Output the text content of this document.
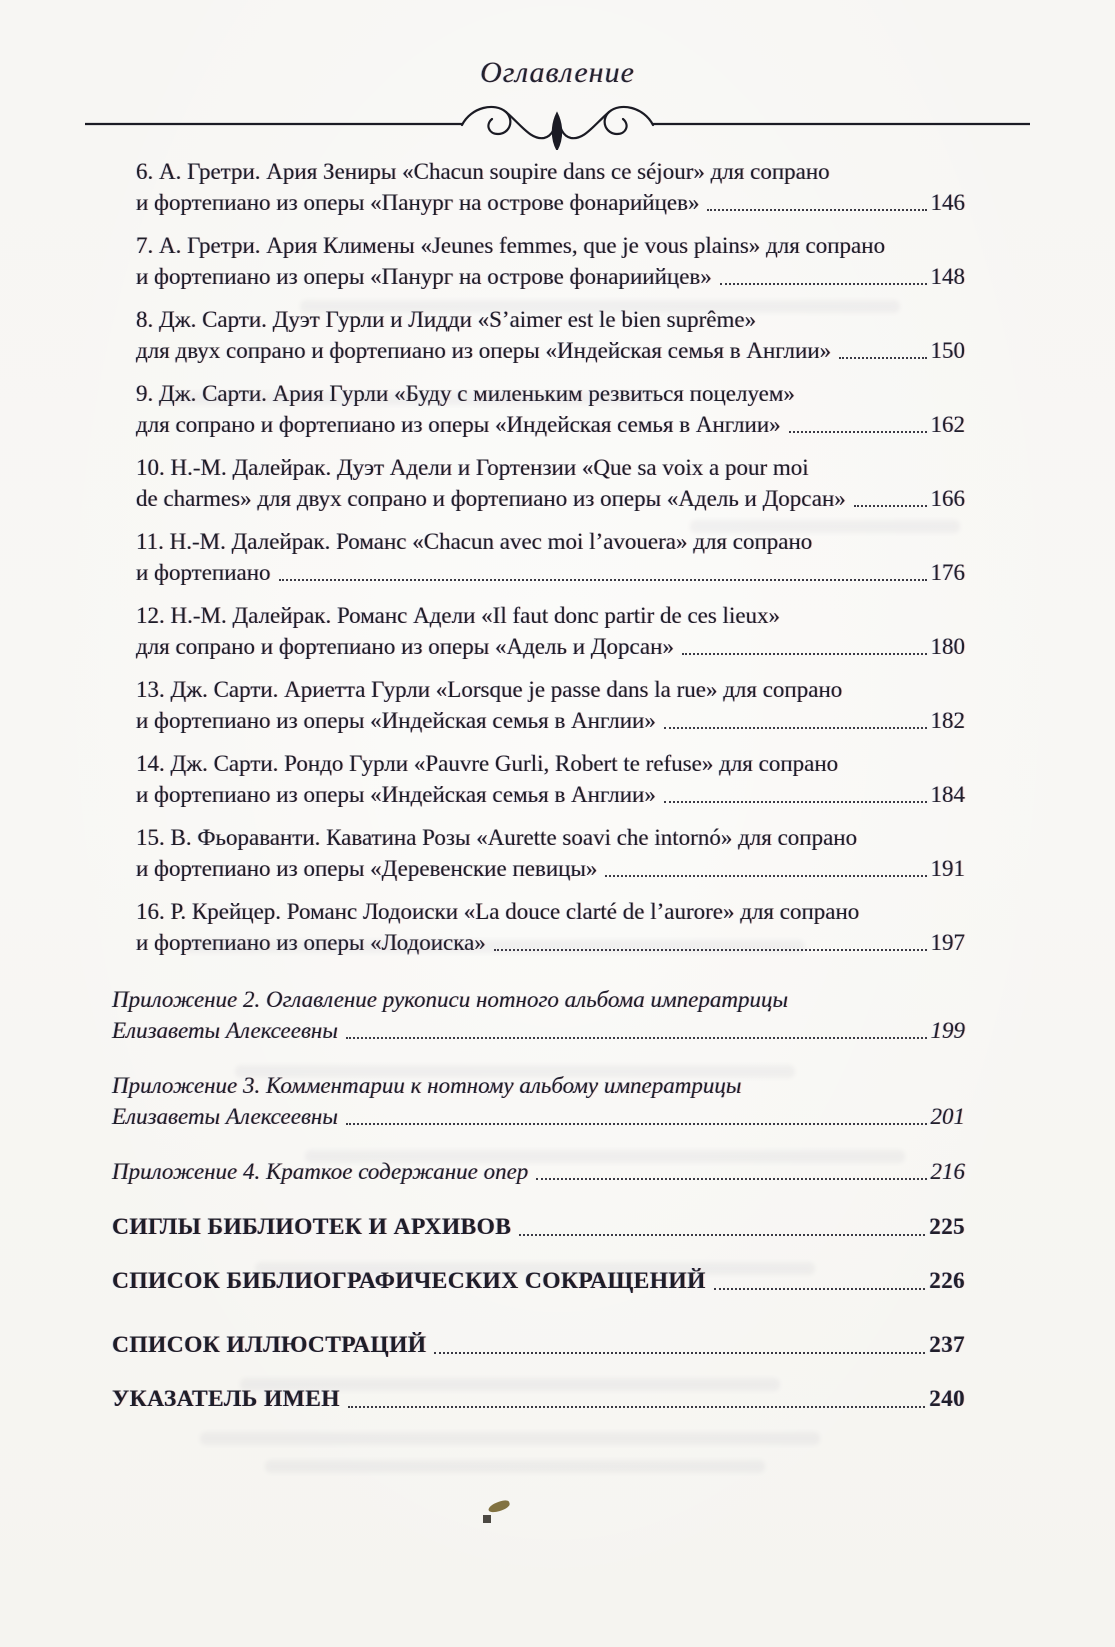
Оглавление
6. А. Гретри. Ария Зениры «Chacun soupire dans ce séjour» для сопрано
и фортепиано из оперы «Панург на острове фонарийцев»	146
7. А. Гретри. Ария Климены «Jeunes femmes, que je vous plains» для сопрано
и фортепиано из оперы «Панург на острове фонариийцев»	148
8. Дж. Сарти. Дуэт Гурли и Лидди «S’aimer est le bien suprême»
для двух сопрано и фортепиано из оперы «Индейская семья в Англии»	150
9. Дж. Сарти. Ария Гурли «Буду с миленьким резвиться поцелуем»
для сопрано и фортепиано из оперы «Индейская семья в Англии»	162
10. Н.-М. Далейрак. Дуэт Адели и Гортензии «Que sa voix a pour moi
de charmes» для двух сопрано и фортепиано из оперы «Адель и Дорсан»	166
11. Н.-М. Далейрак. Романс «Chacun avec moi l’avouera» для сопрано
и фортепиано	176
12. Н.-М. Далейрак. Романс Адели «Il faut donc partir de ces lieux»
для сопрано и фортепиано из оперы «Адель и Дорсан»	180
13. Дж. Сарти. Ариетта Гурли «Lorsque je passe dans la rue» для сопрано
и фортепиано из оперы «Индейская семья в Англии»	182
14. Дж. Сарти. Рондо Гурли «Pauvre Gurli, Robert te refuse» для сопрано
и фортепиано из оперы «Индейская семья в Англии»	184
15. В. Фьораванти. Каватина Розы «Aurette soavi che intornó» для сопрано
и фортепиано из оперы «Деревенские певицы»	191
16. Р. Крейцер. Романс Лодоиски «La douce clarté de l’aurore» для сопрано
и фортепиано из оперы «Лодоиска»	197
Приложение 2. Оглавление рукописи нотного альбома императрицы
Елизаветы Алексеевны	199
Приложение 3. Комментарии к нотному альбому императрицы
Елизаветы Алексеевны	201
Приложение 4. Краткое содержание опер	216
СИГЛЫ БИБЛИОТЕК И АРХИВОВ	225
СПИСОК БИБЛИОГРАФИЧЕСКИХ СОКРАЩЕНИЙ	226
СПИСОК ИЛЛЮСТРАЦИЙ	237
УКАЗАТЕЛЬ ИМЕН	240
